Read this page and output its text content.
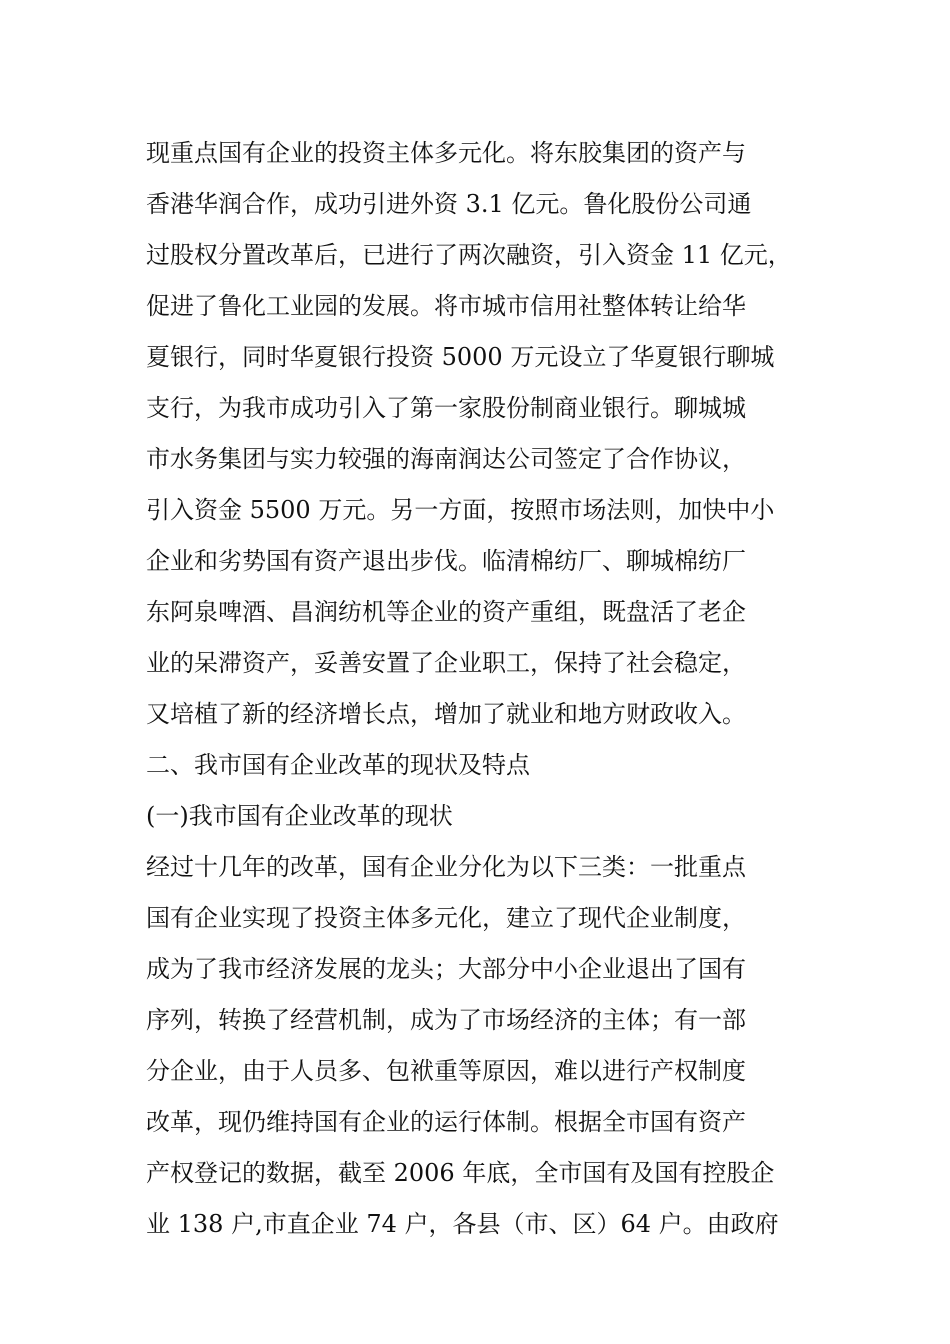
现重点国有企业的投资主体多元化。将东胶集团的资产与
香港华润合作，成功引进外资 3.1 亿元。鲁化股份公司通
过股权分置改革后，已进行了两次融资，引入资金 11 亿元，
促进了鲁化工业园的发展。将市城市信用社整体转让给华
夏银行，同时华夏银行投资 5000 万元设立了华夏银行聊城
支行，为我市成功引入了第一家股份制商业银行。聊城城
市水务集团与实力较强的海南润达公司签定了合作协议，
引入资金 5500 万元。另一方面，按照市场法则，加快中小
企业和劣势国有资产退出步伐。临清棉纺厂、聊城棉纺厂
东阿泉啤酒、昌润纺机等企业的资产重组，既盘活了老企
业的呆滞资产，妥善安置了企业职工，保持了社会稳定，
又培植了新的经济增长点，增加了就业和地方财政收入。
二、我市国有企业改革的现状及特点
(一)我市国有企业改革的现状
经过十几年的改革，国有企业分化为以下三类：一批重点
国有企业实现了投资主体多元化，建立了现代企业制度，
成为了我市经济发展的龙头；大部分中小企业退出了国有
序列，转换了经营机制，成为了市场经济的主体；有一部
分企业，由于人员多、包袱重等原因，难以进行产权制度
改革，现仍维持国有企业的运行体制。根据全市国有资产
产权登记的数据，截至 2006 年底，全市国有及国有控股企
业 138 户,市直企业 74 户，各县（市、区）64 户。由政府
